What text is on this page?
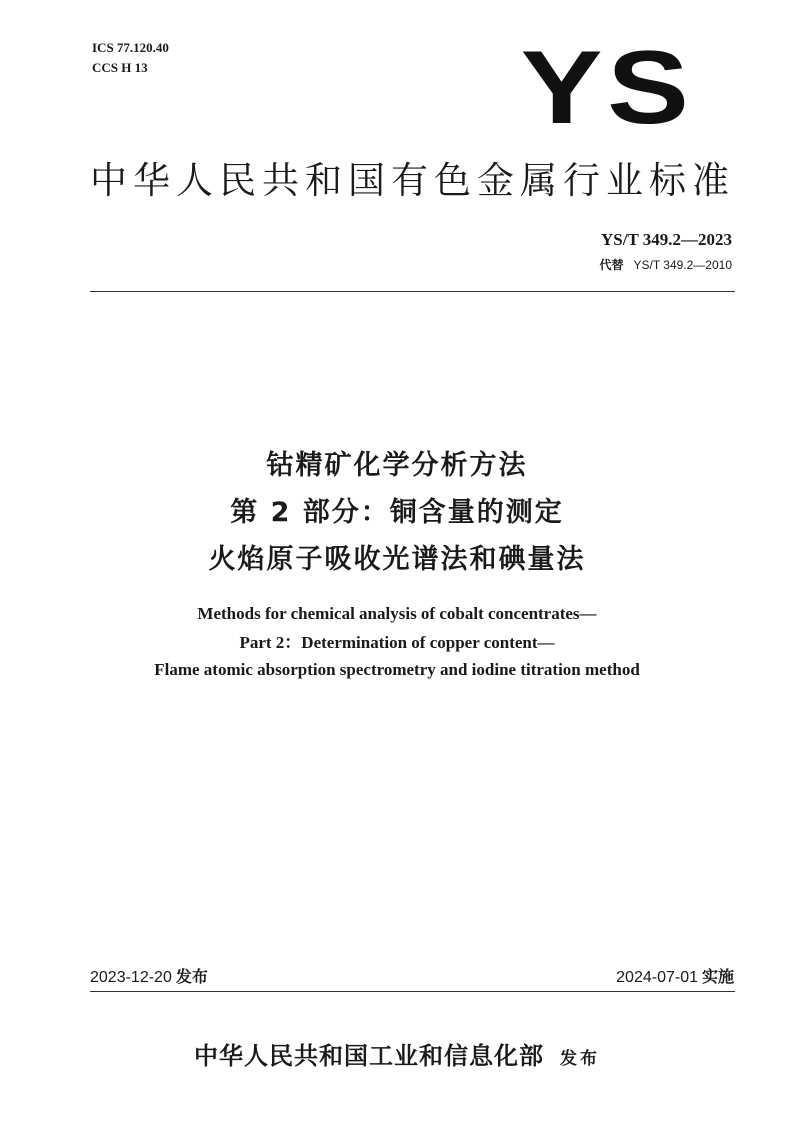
ICS 77.120.40
CCS H 13	YS
中华人民共和国有色金属行业标准
YS/T 349.2—2023
代替 YS/T 349.2—2010
钴精矿化学分析方法
第 2 部分：铜含量的测定
火焰原子吸收光谱法和碘量法
Methods for chemical analysis of cobalt concentrates—
Part 2：Determination of copper content—
Flame atomic absorption spectrometry and iodine titration method
2023-12-20 发布	2024-07-01 实施
中华人民共和国工业和信息化部 发布
